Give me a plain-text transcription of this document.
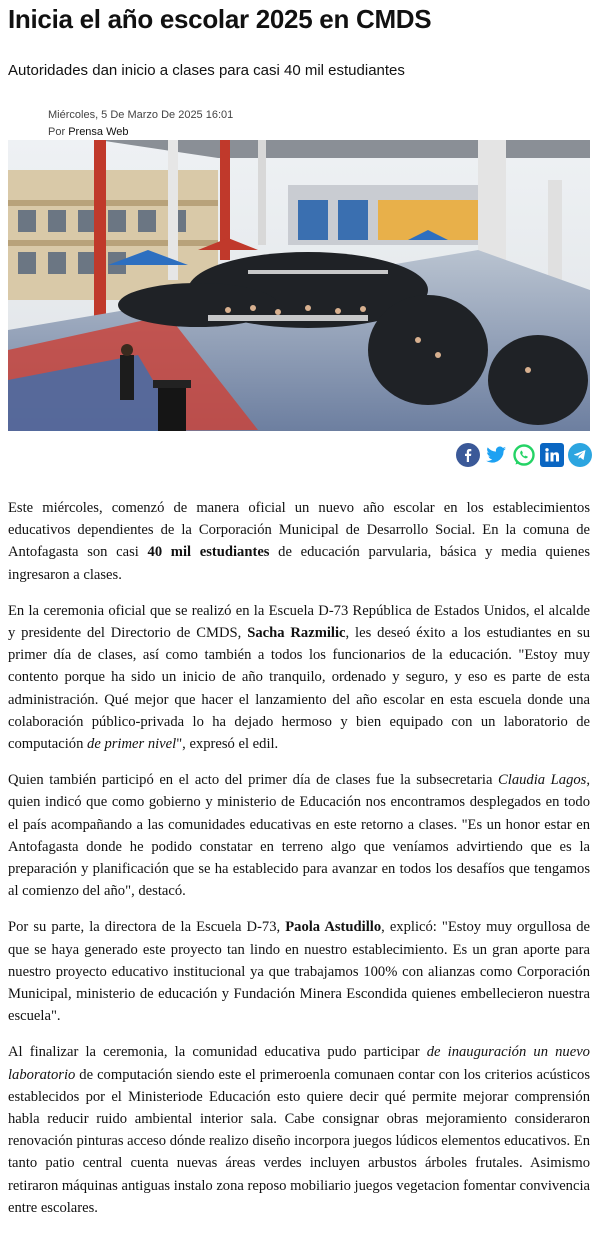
Inicia el año escolar 2025 en CMDS

Autoridades dan inicio a clases para casi 40 mil estudiantes

Miércoles, 5 De Marzo De 2025 16:01
Por Prensa Web

Este miércoles, comenzó de manera oficial un nuevo año escolar en los establecimientos educativos dependientes de la Corporación Municipal de Desarrollo Social. En la comuna de Antofagasta son casi 40 mil estudiantes de educación parvularia, básica y media quienes ingresaron a clases.

En la ceremonia oficial que se realizó en la Escuela D-73 República de Estados Unidos, el alcalde y presidente del Directorio de CMDS, Sacha Razmilic, les deseó éxito a los estudiantes en su primer día de clases, así como también a todos los funcionarios de la educación. "Estoy muy contento porque ha sido un inicio de año tranquilo, ordenado y seguro, y eso es parte de esta administración. Qué mejor que hacer el lanzamiento del año escolar en esta escuela donde una colaboración público-privada lo ha dejado hermoso y bien equipado con un laboratorio de computación de primer nivel", expresó el edil.

Quien también participó en el acto del primer día de clases fue la subsecretaria Claudia Lagos, quien indicó que como gobierno y ministerio de Educación nos encontramos desplegados en todo el país acompañando a las comunidades educativas en este retorno a clases. "Es un honor estar en Antofagasta donde he podido constatar en terreno algo que veníamos advirtiendo que es la preparación y planificación que se ha establecido para avanzar en todos los desafíos que tengamos al comienzo del año", destacó.

Por su parte, la directora de la Escuela D-73, Paola Astudillo, explicó: "Estoy muy orgullosa de que se haya generado este proyecto tan lindo en nuestro establecimiento. Es un gran aporte para nuestro proyecto educativo institucional ya que trabajamos 100% con alianzas como Corporación Municipal, ministerio de educación y Fundación Minera Escondida quienes embellecieron nuestra escuela".

Al finalizar la ceremonia, la comunidad educativa pudo participar de inauguración un nuevo laboratorio de computación siendo este el primeroenla comunaen contar con los criterios acústicos establecidos por el Ministeriode Educación esto quiere decir qué permite mejorar comprensión habla reducir ruido ambiental interior sala. Cabe consignar obras mejoramiento consideraron renovación pinturas acceso dónde realizo diseño incorpora juegos lúdicos elementos educativos. En tanto patio central cuenta nuevas áreas verdes incluyen arbustos árboles frutales. Asimismo retiraron máquinas antiguas instalo zona reposo mobiliario juegos vegetacion fomentar convivencia entre escolares.
